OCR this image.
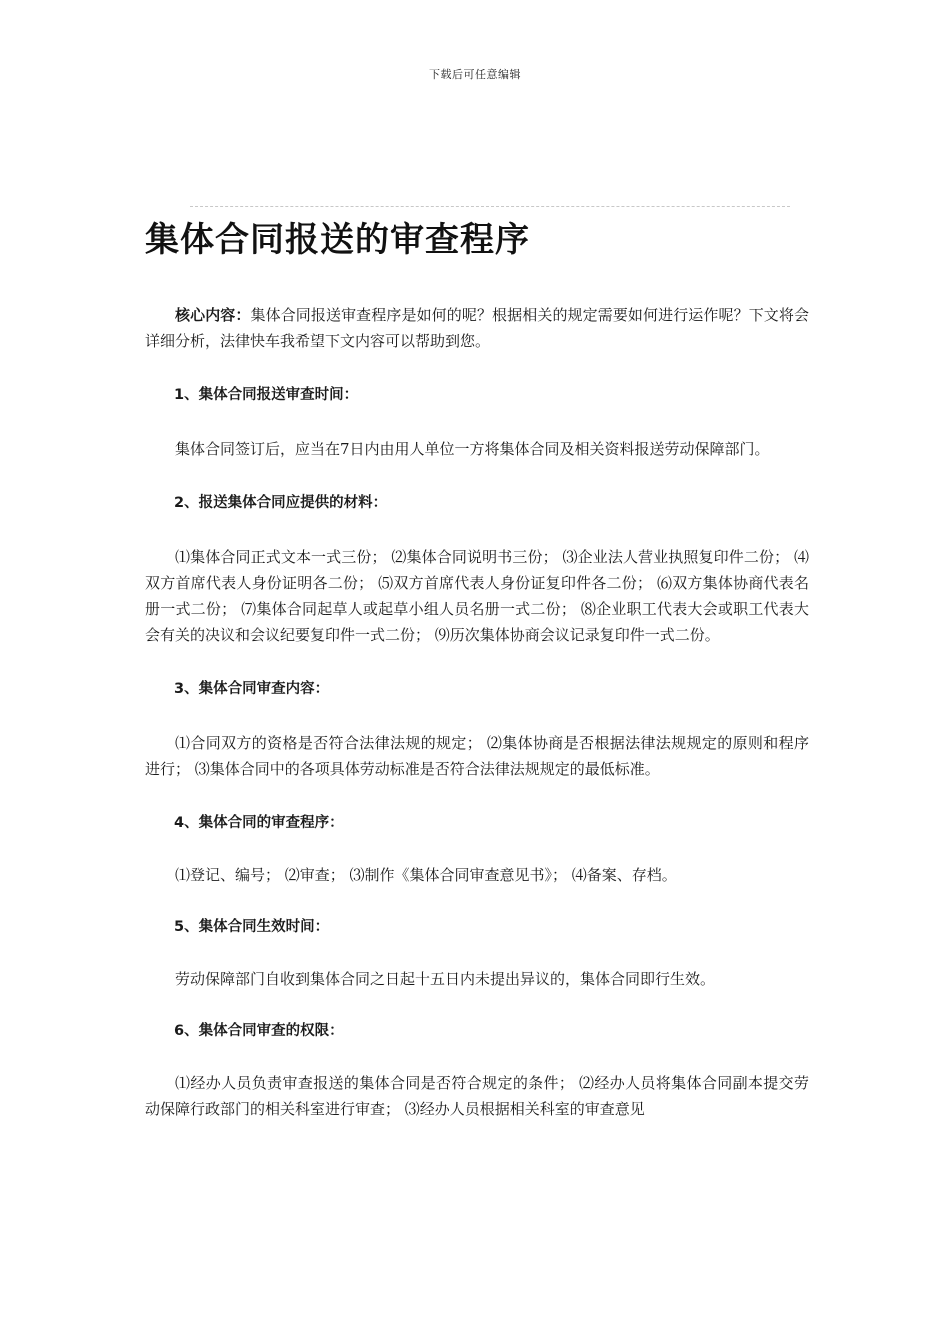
下载后可任意编辑
集体合同报送的审查程序

核心内容：集体合同报送审查程序是如何的呢？根据相关的规定需要如何进行运作呢？下文将会详细分析，法律快车我希望下文内容可以帮助到您。

1、集体合同报送审查时间：

集体合同签订后，应当在7日内由用人单位一方将集体合同及相关资料报送劳动保障部门。

2、报送集体合同应提供的材料：

⑴集体合同正式文本一式三份； ⑵集体合同说明书三份； ⑶企业法人营业执照复印件二份； ⑷双方首席代表人身份证明各二份； ⑸双方首席代表人身份证复印件各二份； ⑹双方集体协商代表名册一式二份； ⑺集体合同起草人或起草小组人员名册一式二份； ⑻企业职工代表大会或职工代表大会有关的决议和会议纪要复印件一式二份； ⑼历次集体协商会议记录复印件一式二份。

3、集体合同审查内容：

⑴合同双方的资格是否符合法律法规的规定； ⑵集体协商是否根据法律法规规定的原则和程序进行； ⑶集体合同中的各项具体劳动标准是否符合法律法规规定的最低标准。

4、集体合同的审查程序：

⑴登记、编号； ⑵审查； ⑶制作《集体合同审查意见书》； ⑷备案、存档。

5、集体合同生效时间：

劳动保障部门自收到集体合同之日起十五日内未提出异议的，集体合同即行生效。

6、集体合同审查的权限：

⑴经办人员负责审查报送的集体合同是否符合规定的条件； ⑵经办人员将集体合同副本提交劳动保障行政部门的相关科室进行审查； ⑶经办人员根据相关科室的审查意见
